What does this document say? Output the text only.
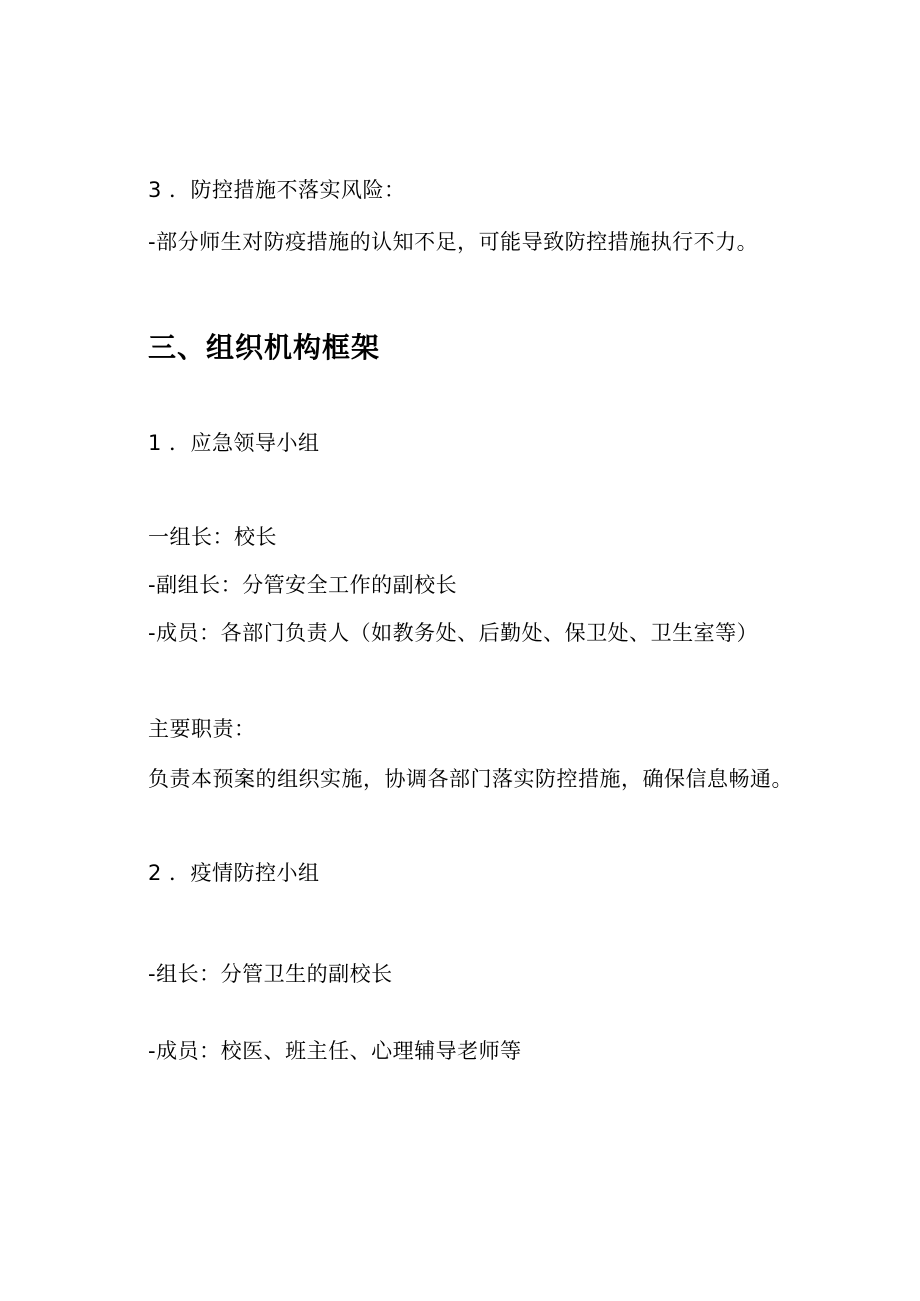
3 ．防控措施不落实风险：
-部分师生对防疫措施的认知不足，可能导致防控措施执行不力。
三、组织机构框架
1 ．应急领导小组
一组长：校长
-副组长：分管安全工作的副校长
-成员：各部门负责人（如教务处、后勤处、保卫处、卫生室等）
主要职责：
负责本预案的组织实施，协调各部门落实防控措施，确保信息畅通。
2 ．疫情防控小组
-组长：分管卫生的副校长
-成员：校医、班主任、心理辅导老师等
